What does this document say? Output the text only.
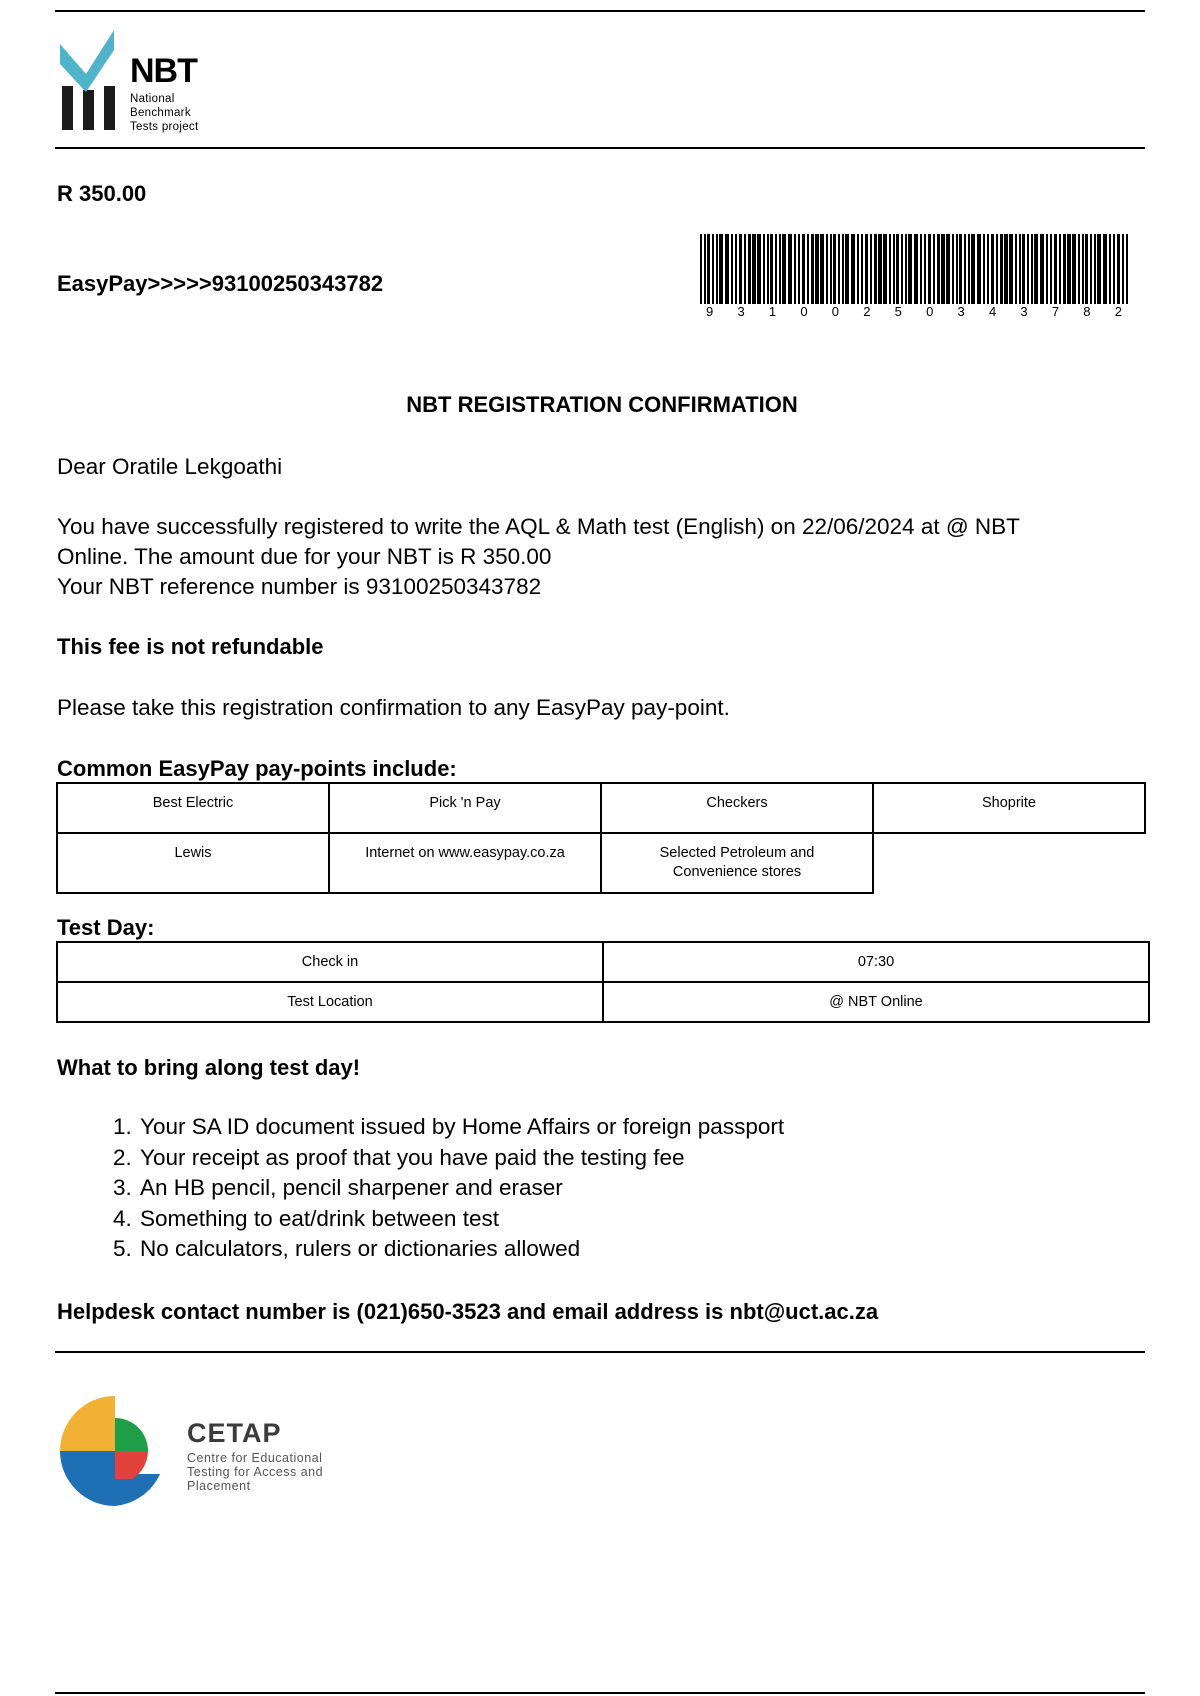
NBT
National
Benchmark
Tests project
R 350.00
EasyPay>>>>>93100250343782
9 3 1 0 0 2 5 0 3 4 3 7 8 2
NBT REGISTRATION CONFIRMATION
Dear Oratile Lekgoathi
You have successfully registered to write the AQL & Math test (English) on 22/06/2024 at @ NBT
Online. The amount due for your NBT is R 350.00
Your NBT reference number is 93100250343782
This fee is not refundable
Please take this registration confirmation to any EasyPay pay-point.
Common EasyPay pay-points include:
Best Electric	Pick 'n Pay	Checkers	Shoprite
Lewis	Internet on www.easypay.co.za	Selected Petroleum and
Convenience stores	

Test Day:
Check in	07:30
Test Location	@ NBT Online
What to bring along test day!
1. Your SA ID document issued by Home Affairs or foreign passport
2. Your receipt as proof that you have paid the testing fee
3. An HB pencil, pencil sharpener and eraser
4. Something to eat/drink between test
5. No calculators, rulers or dictionaries allowed
Helpdesk contact number is (021)650-3523 and email address is nbt@uct.ac.za
CETAP
Centre for Educational
Testing for Access and
Placement
